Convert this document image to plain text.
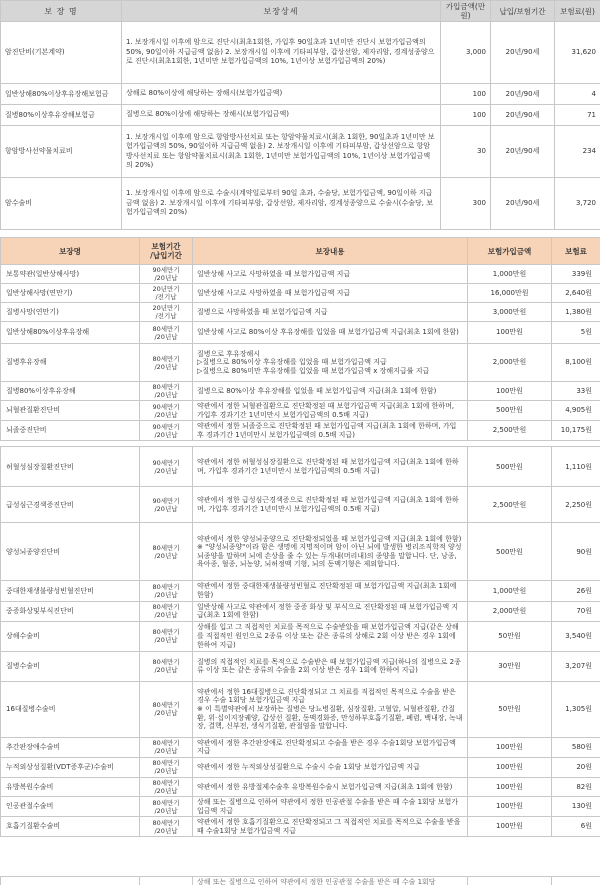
보 장 명	보장상세	가입금액(만원)	납입/보험기간	보험료(원)
암진단비(기본계약)	1. 보장개시일 이후에 암으로 진단시(최초1회한, 가입후 90일초과 1년미만 진단시 보험가입금액의 50%, 90일이하 지급금액 없음) 2. 보장개시일 이후에 기타피부암, 갑상선암, 제자리암, 경계성종양으로 진단시(최초1회한, 1년미만 보험가입금액의 10%, 1년이상 보험가입금액의 20%)	3,000	20년/90세	31,620
일반상해80%이상후유장해보험금	상해로 80%이상에 해당하는 장해시(보험가입금액)	100	20년/90세	4
질병80%이상후유장해보험금	질병으로 80%이상에 해당하는 장해시(보험가입금액)	100	20년/90세	71
항암방사선약물치료비	1. 보장개시일 이후에 암으로 항암방사선치료 또는 항암약물치료시(최초 1회한, 90일초과 1년미만 보험가입금액의 50%, 90일이하 지급금액 없음) 2. 보장개시일 이후에 기타피부암, 갑상선암으로 항암방사선치료 또는 항암약물치료시(최초 1회한, 1년미만 보험가입금액의 10%, 1년이상 보험가입금액의 20%)	30	20년/90세	234
암수술비	1. 보장개시일 이후에 암으로 수술시(계약일로부터 90일 초과, 수술당, 보험가입금액, 90일이하 지급금액 없음) 2. 보장개시일 이후에 기타피부암, 갑상선암, 제자리암, 경계성종양으로 수술시(수술당, 보험가입금액의 20%)	300	20년/90세	3,720
보장명	보험기간
/납입기간	보장내용	보험가입금액	보험료
보통약관(일반상해사망)	90세만기
/20년납	일반상해 사고로 사망하였을 때 보험가입금액 지급	1,000만원	339원
일반상해사망(연만기)	20년만기
/전기납	일반상해 사고로 사망하였을 때 보험가입금액 지급	16,000만원	2,640원
질병사망(연만기)	20년만기
/전기납	질병으로 사망하였을 때 보험가입금액 지급	3,000만원	1,380원
일반상해80%이상후유장해	80세만기
/20년납	일반상해 사고로 80%이상 후유장해를 입었을 때 보험가입금액 지급(최초 1회에 한함)	100만원	5원
질병후유장해	80세만기
/20년납	질병으로 후유장해시
▷질병으로 80%이상 후유장해를 입었을 때 보험가입금액 지급
▷질병으로 80%미만 후유장해를 입었을 때 보험가입금액 x 장해지급률 지급	2,000만원	8,100원
질병80%이상후유장해	80세만기
/20년납	질병으로 80%이상 후유장해를 입었을 때 보험가입금액 지급(최초 1회에 한함)	100만원	33원
뇌혈관질환진단비	90세만기
/20년납	약관에서 정한 뇌혈관질환으로 진단확정된 때 보험가입금액 지급(최초 1회에 한하며, 가입후 경과기간 1년미만시 보험가입금액의 0.5배 지급)	500만원	4,905원
뇌졸중진단비	90세만기
/20년납	약관에서 정한 뇌졸중으로 진단확정된 때 보험가입금액 지급(최초 1회에 한하며, 가입후 경과기간 1년미만시 보험가입금액의 0.5배 지급)	2,500만원	10,175원

허혈성심장질환진단비	90세만기
/20년납	약관에서 정한 허혈성심장질환으로 진단확정된 때 보험가입금액 지급(최초 1회에 한하며, 가입후 경과기간 1년미만시 보험가입금액의 0.5배 지급)	500만원	1,110원
급성심근경색증진단비	90세만기
/20년납	약관에서 정한 급성심근경색증으로 진단확정된 때 보험가입금액 지급(최초 1회에 한하며, 가입후 경과기간 1년미만시 보험가입금액의 0.5배 지급)	2,500만원	2,250원
양성뇌종양진단비	80세만기
/20년납	약관에서 정한 양성뇌종양으로 진단확정되었을 때 보험가입금액 지급(최초 1회에 한함)
※ "양성뇌종양"이라 함은 생명에 지명적이며 암이 아닌 뇌에 발생한 병리조직학적 양성뇌종양을 말하며 뇌에 손상을 줄 수 있는 두개내(머리내)의 종양을 말합니다. 단, 낭종, 육아종, 혈종, 뇌농양, 뇌허정맥 기형, 뇌의 동맥기형은 제외합니다.	500만원	90원
중대한재생불량성빈혈진단비	80세만기
/20년납	약관에서 정한 중대한재생불량성빈혈로 진단확정된 때 보험가입금액 지급(최초 1회에 한함)	1,000만원	26원
중증화상및부식진단비	80세만기
/20년납	일반상해 사고로 약관에서 정한 중증 화상 및 부식으로 진단확정된 때 보험가입금액 지급(최초 1회에 한함)	2,000만원	70원
상해수술비	80세만기
/20년납	상해를 입고 그 직접적인 치료를 목적으로 수술받았을 때 보험가입금액 지급(같은 상해를 직접적인 원인으로 2종류 이상 또는 같은 종류의 상해로 2회 이상 받은 경우 1회에 한하여 지급)	50만원	3,540원
질병수술비	80세만기
/20년납	질병의 직접적인 치료를 목적으로 수술받은 때 보험가입금액 지급(하나의 질병으로 2종류 이상 또는 같은 종류의 수술을 2회 이상 받은 경우 1회에 한하여 지급)	30만원	3,207원
16대질병수술비	80세만기
/20년납	약관에서 정한 16대질병으로 진단확정되고 그 치료를 직접적인 목적으로 수술을 받은 경우 수술 1회당 보험가입금액 지급
※ 이 특별약관에서 보장하는 질병은 당뇨병질환, 심장질환, 고혈압, 뇌혈관질환, 간질환, 위·십이지장궤양, 갑상선 질환, 동맥경화증, 만성하부호흡기질환, 폐렴, 백내장, 녹내장, 결핵, 신부전, 생식기질환, 관절염을 말합니다.	50만원	1,305원
추간판장애수술비	80세만기
/20년납	약관에서 정한 추간판장애로 진단확정되고 수술을 받은 경우 수술1회당 보험가입금액 지급	100만원	580원
누적외상성질환(VDT증후군)수술비	80세만기
/20년납	약관에서 정한 누적외상성질환으로 수술시 수술 1회당 보험가입금액 지급	100만원	20원
유방복원수술비	80세만기
/20년납	약관에서 정한 유방절제수술후 유방복원수술시 보험가입금액 지급(최초 1회에 한함)	100만원	82원
인공관절수술비	80세만기
/20년납	상해 또는 질병으로 인하여 약관에서 정한 인공관절 수술을 받은 때 수술 1회당 보험가입금액 지급	100만원	130원
호흡기질환수술비	80세만기
/20년납	약관에서 정한 호흡기질환으로 진단확정되고 그 직접적인 치료를 목적으로 수술을 받을 때 수술1회당 보험가입금액 지급	100만원	6원
		상해 또는 질병으로 인하여 약관에서 정한 인공관절 수술을 받은 때 수술 1회당		
